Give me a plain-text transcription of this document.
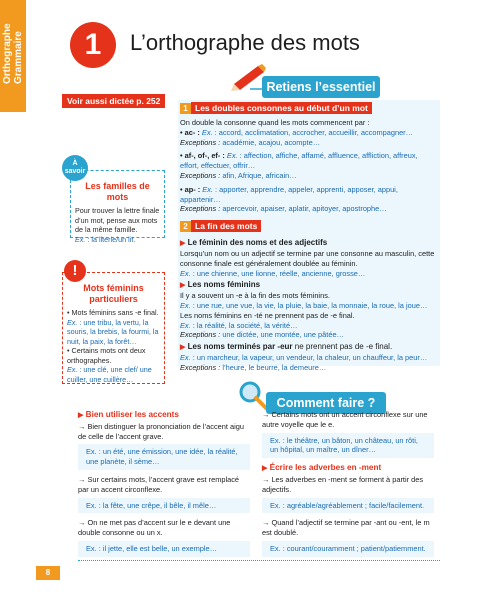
Orthographe Grammaire	1	L’orthographe des mots
Retiens l’essentiel
Voir aussi dictée p. 252
Les familles de mots
Pour trouver la lettre finale d’un mot, pense aux mots de la même famille.
Ex. : la literie/un lit.
À
savoir
Mots féminins particuliers
• Mots féminins sans -e final.
Ex. : une tribu, la vertu, la souris, la brebis, la fourmi, la nuit, la paix, la forêt…
• Certains mots ont deux orthographes.
Ex. : une clé, une clef/ une cuiller, une cuillère…
!
1 Les doubles consonnes au début d’un mot
On double la consonne quand les mots commencent par :
• ac- : Ex. : accord, acclimatation, accrocher, accueillir, accompagner…
Exceptions : académie, acajou, acompte…
• af-, of-, ef- : Ex. : affection, affiche, affamé, affluence, affliction, affreux, effort, effectuer, offrir…
Exceptions : afin, Afrique, africain…
• ap- : Ex. : apporter, apprendre, appeler, apprenti, apposer, appui, appartenir…
Exceptions : apercevoir, apaiser, aplatir, apitoyer, apostrophe…
2 La fin des mots
▶ Le féminin des noms et des adjectifs
Lorsqu’un nom ou un adjectif se termine par une consonne au masculin, cette consonne finale est généralement doublée au féminin.
Ex. : une chienne, une lionne, réelle, ancienne, grosse…
▶ Les noms féminins
Il y a souvent un -e à la fin des mots féminins.
Ex. : une rue, une vue, la vie, la pluie, la baie, la monnaie, la roue, la joue…
Les noms féminins en -té ne prennent pas de -e final.
Ex. : la réalité, la société, la vérité…
Exceptions : une dictée, une montée, une pâtée…
▶ Les noms terminés par -eur ne prennent pas de -e final.
Ex. : un marcheur, la vapeur, un vendeur, la chaleur, un chauffeur, la peur…
Exceptions : l’heure, le beurre, la demeure…
Comment faire ?
▶ Bien utiliser les accents
→ Bien distinguer la prononciation de l’accent aigu de celle de l’accent grave.
Ex. : un été, une émission, une idée, la réalité, une planète, il sème…
→ Sur certains mots, l’accent grave est remplacé par un accent circonflexe.
Ex. : la fête, une crêpe, il bêle, il mêle…
→ On ne met pas d’accent sur le e devant une double consonne ou un x.
Ex. : il jette, elle est belle, un exemple…
→ Certains mots ont un accent circonflexe sur une autre voyelle que le e.
Ex. : le théâtre, un bâton, un château, un rôti, un hôpital, un maître, un dîner…
▶ Écrire les adverbes en -ment
→ Les adverbes en -ment se forment à partir des adjectifs.
Ex. : agréable/agréablement ; facile/facilement.
→ Quand l’adjectif se termine par -ant ou -ent, le m est doublé.
Ex. : courant/couramment ; patient/patiemment.
8
